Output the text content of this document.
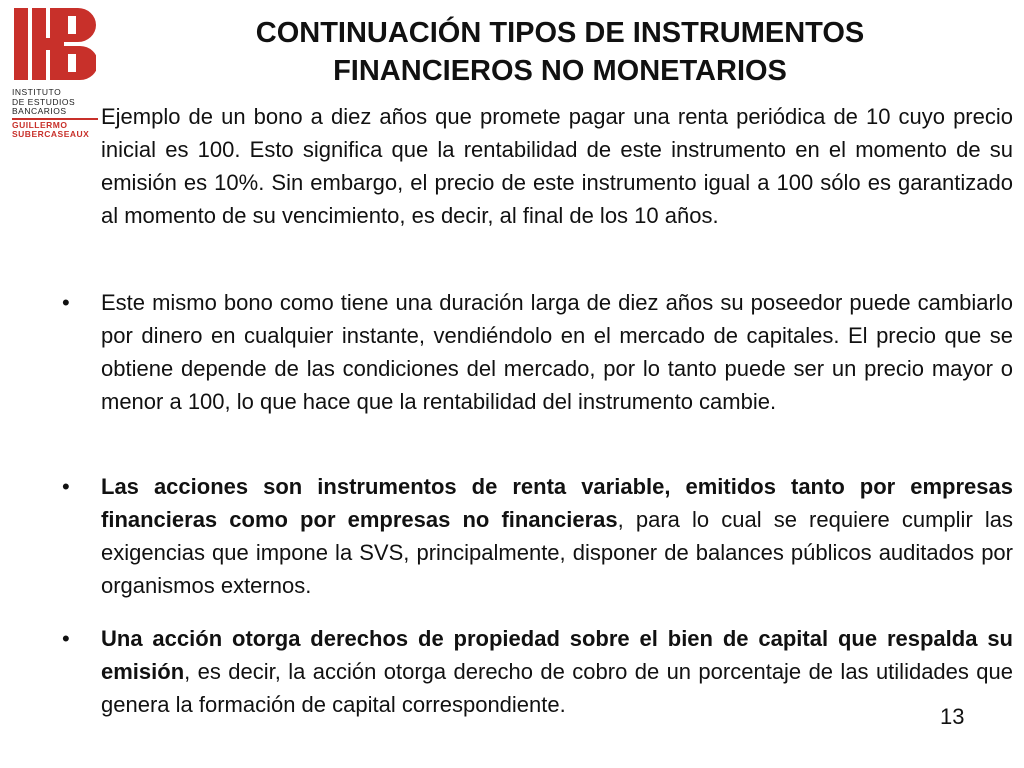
INSTITUTO
DE ESTUDIOS
BANCARIOS
GUILLERMO
SUBERCASEAUX
CONTINUACIÓN TIPOS DE INSTRUMENTOS
FINANCIEROS NO MONETARIOS
Ejemplo de un bono a diez años que promete pagar una renta periódica de 10 cuyo precio inicial es 100. Esto significa que la rentabilidad de este instrumento en el momento de su emisión es 10%. Sin embargo, el precio de este instrumento igual a 100 sólo es garantizado al momento de su vencimiento, es decir, al final de los 10 años.
• Este mismo bono como tiene una duración larga de diez años su poseedor puede cambiarlo por dinero en cualquier instante, vendiéndolo en el mercado de capitales. El precio que se obtiene depende de las condiciones del mercado, por lo tanto puede ser un precio mayor o menor a 100, lo que hace que la rentabilidad del instrumento cambie.
• Las acciones son instrumentos de renta variable, emitidos tanto por empresas financieras como por empresas no financieras, para lo cual se requiere cumplir las exigencias que impone la SVS, principalmente, disponer de balances públicos auditados por organismos externos.
• Una acción otorga derechos de propiedad sobre el bien de capital que respalda su emisión, es decir, la acción otorga derecho de cobro de un porcentaje de las utilidades que genera la formación de capital correspondiente.	13
